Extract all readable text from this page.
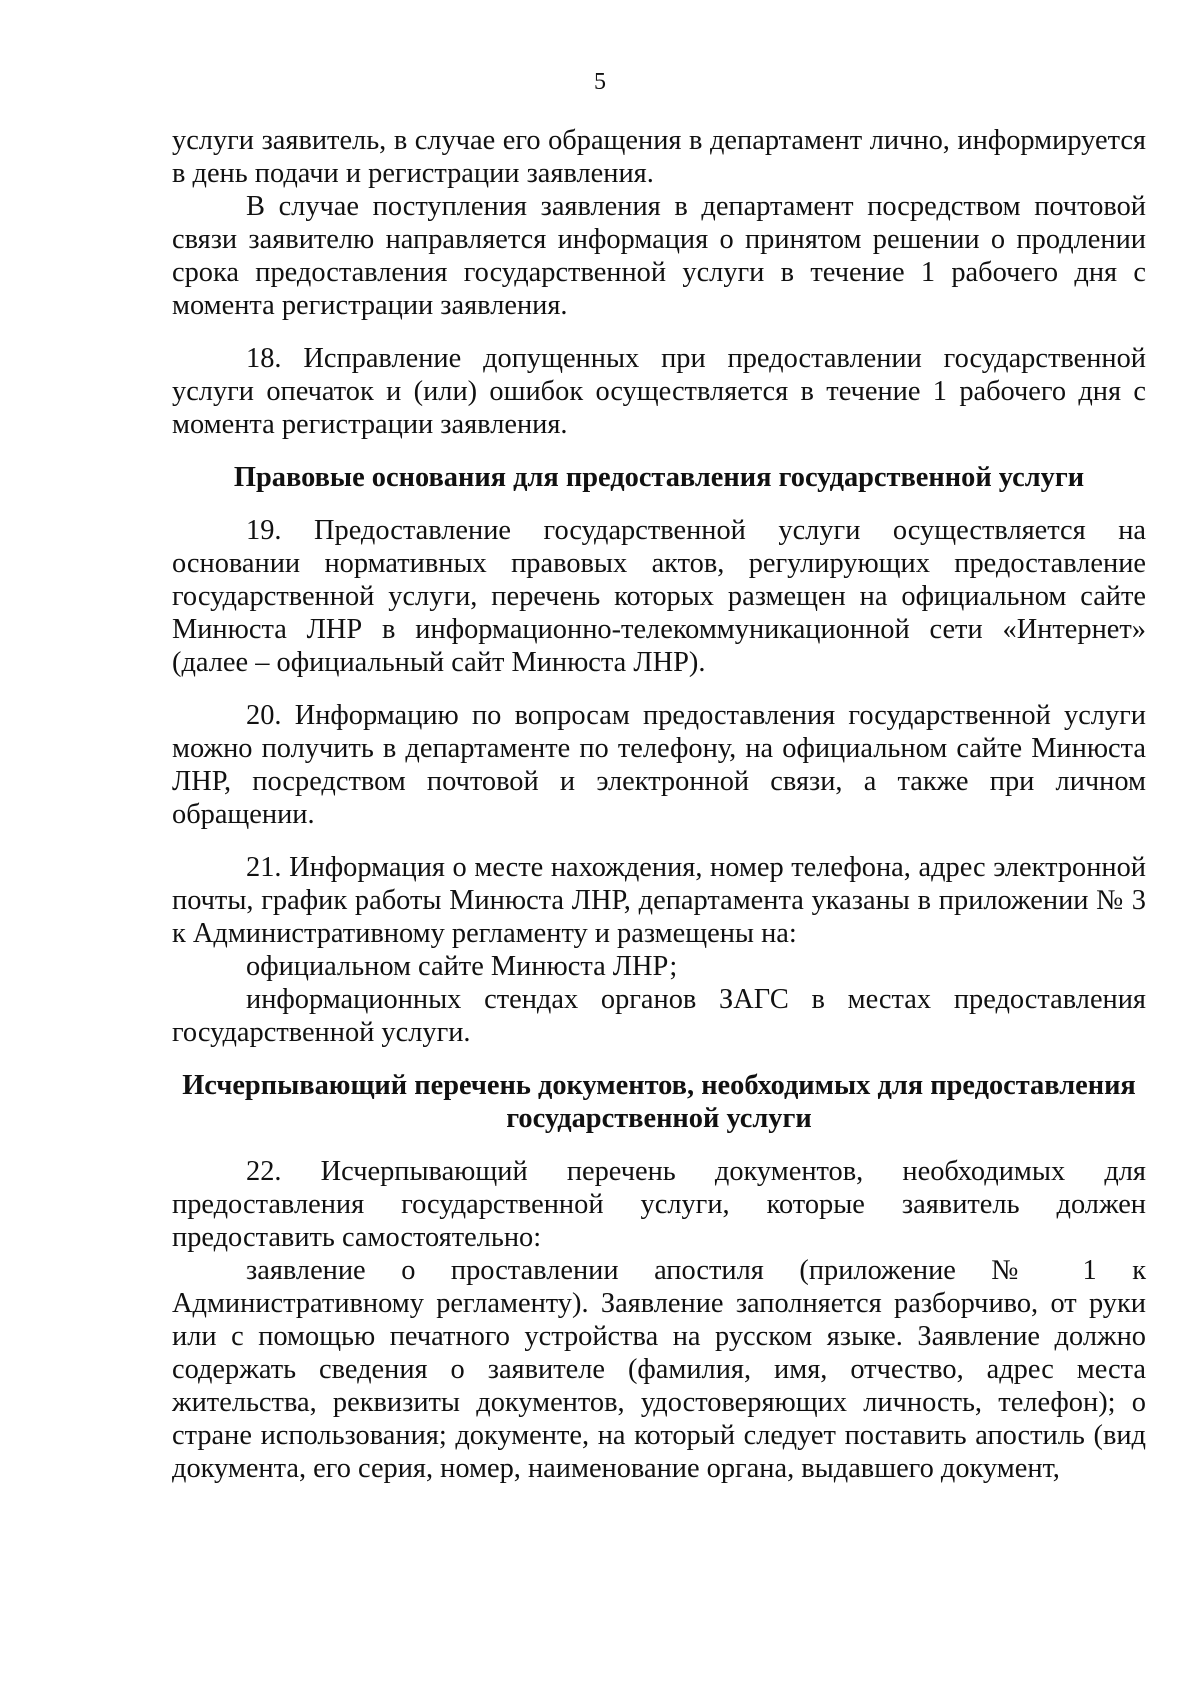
5

услуги заявитель, в случае его обращения в департамент лично, информируется в день подачи и регистрации заявления.

В случае поступления заявления в департамент посредством почтовой связи заявителю направляется информация о принятом решении о продлении срока предоставления государственной услуги в течение 1 рабочего дня с момента регистрации заявления.

18. Исправление допущенных при предоставлении государственной услуги опечаток и (или) ошибок осуществляется в течение 1 рабочего дня с момента регистрации заявления.

Правовые основания для предоставления государственной услуги

19. Предоставление государственной услуги осуществляется на основании нормативных правовых актов, регулирующих предоставление государственной услуги, перечень которых размещен на официальном сайте Минюста ЛНР в информационно-телекоммуникационной сети «Интернет» (далее – официальный сайт Минюста ЛНР).

20. Информацию по вопросам предоставления государственной услуги можно получить в департаменте по телефону, на официальном сайте Минюста ЛНР, посредством почтовой и электронной связи, а также при личном обращении.

21. Информация о месте нахождения, номер телефона, адрес электронной почты, график работы Минюста ЛНР, департамента указаны в приложении № 3 к Административному регламенту и размещены на:

официальном сайте Минюста ЛНР;

информационных стендах органов ЗАГС в местах предоставления государственной услуги.

Исчерпывающий перечень документов, необходимых для предоставления

государственной услуги

22. Исчерпывающий перечень документов, необходимых для предоставления государственной услуги, которые заявитель должен предоставить самостоятельно:

заявление о проставлении апостиля (приложение № 1 к Административному регламенту). Заявление заполняется разборчиво, от руки или с помощью печатного устройства на русском языке. Заявление должно содержать сведения о заявителе (фамилия, имя, отчество, адрес места жительства, реквизиты документов, удостоверяющих личность, телефон); о стране использования; документе, на который следует поставить апостиль (вид документа, его серия, номер, наименование органа, выдавшего документ,
